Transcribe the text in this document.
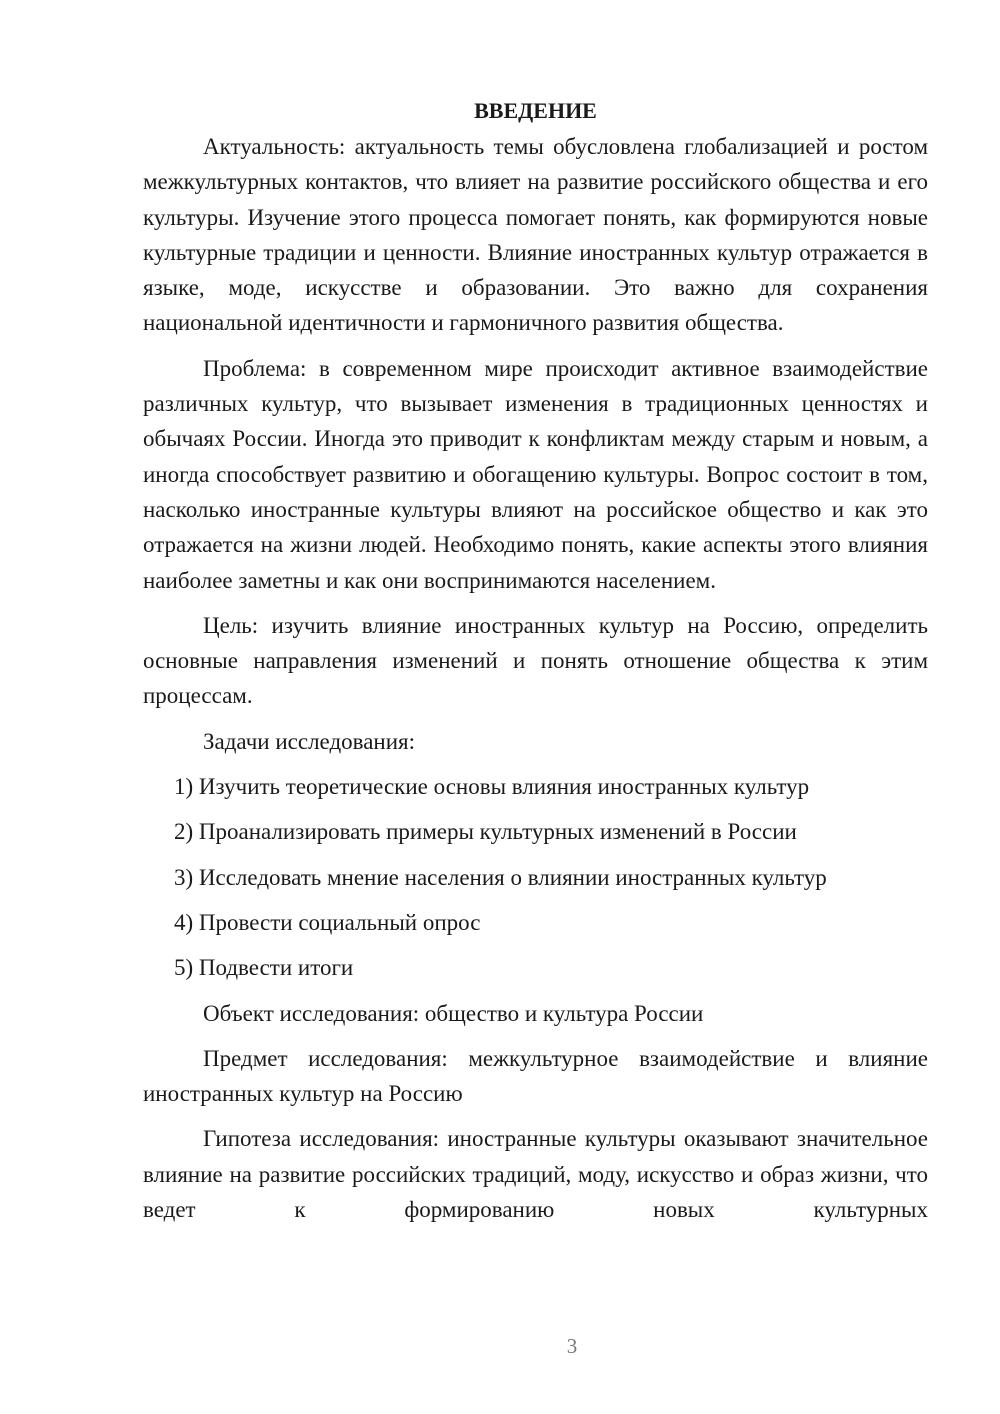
ВВЕДЕНИЕ

Актуальность: актуальность темы обусловлена глобализацией и ростом межкультурных контактов, что влияет на развитие российского общества и его культуры. Изучение этого процесса помогает понять, как формируются новые культурные традиции и ценности. Влияние иностранных культур отражается в языке, моде, искусстве и образовании. Это важно для сохранения национальной идентичности и гармоничного развития общества.

Проблема: в современном мире происходит активное взаимодействие различных культур, что вызывает изменения в традиционных ценностях и обычаях России. Иногда это приводит к конфликтам между старым и новым, а иногда способствует развитию и обогащению культуры. Вопрос состоит в том, насколько иностранные культуры влияют на российское общество и как это отражается на жизни людей. Необходимо понять, какие аспекты этого влияния наиболее заметны и как они воспринимаются населением.

Цель: изучить влияние иностранных культур на Россию, определить основные направления изменений и понять отношение общества к этим процессам.

Задачи исследования:

1) Изучить теоретические основы влияния иностранных культур
2) Проанализировать примеры культурных изменений в России
3) Исследовать мнение населения о влиянии иностранных культур
4) Провести социальный опрос
5) Подвести итоги

Объект исследования: общество и культура России

Предмет исследования: межкультурное взаимодействие и влияние иностранных культур на Россию

Гипотеза исследования: иностранные культуры оказывают значительное влияние на развитие российских традиций, моду, искусство и образ жизни, что ведет к формированию новых культурных

3
